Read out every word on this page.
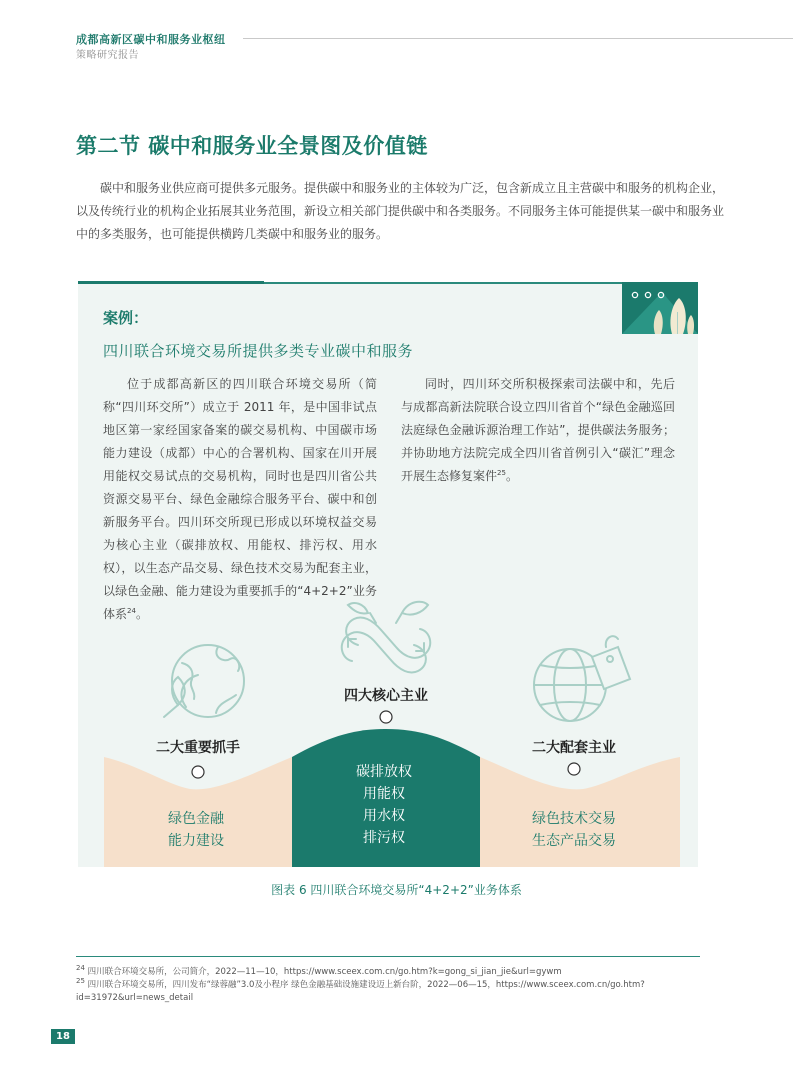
成都高新区碳中和服务业枢纽
策略研究报告
第二节 碳中和服务业全景图及价值链
碳中和服务业供应商可提供多元服务。提供碳中和服务业的主体较为广泛，包含新成立且主营碳中和服务的机构企业，以及传统行业的机构企业拓展其业务范围，新设立相关部门提供碳中和各类服务。不同服务主体可能提供某一碳中和服务业中的多类服务，也可能提供横跨几类碳中和服务业的服务。
案例：
四川联合环境交易所提供多类专业碳中和服务

位于成都高新区的四川联合环境交易所（简称“四川环交所”）成立于 2011 年，是中国非试点地区第一家经国家备案的碳交易机构、中国碳市场能力建设（成都）中心的合署机构、国家在川开展用能权交易试点的交易机构，同时也是四川省公共资源交易平台、绿色金融综合服务平台、碳中和创新服务平台。四川环交所现已形成以环境权益交易为核心主业（碳排放权、用能权、排污权、用水权），以生态产品交易、绿色技术交易为配套主业，以绿色金融、能力建设为重要抓手的“4+2+2”业务体系$^{24}$。

同时，四川环交所积极探索司法碳中和，先后与成都高新法院联合设立四川省首个“绿色金融巡回法庭绿色金融诉源治理工作站”，提供碳法务服务；并协助地方法院完成全四川省首例引入“碳汇”理念开展生态修复案件$^{25}$。

四大核心主业
二大重要抓手	二大配套主业
碳排放权
用能权
用水权
排污权
绿色金融
能力建设
绿色技术交易
生态产品交易
图表 6 四川联合环境交易所“4+2+2”业务体系
$^{24}$ 四川联合环境交易所，公司简介，2022—11—10，https://www.sceex.com.cn/go.htm?k=gong_si_jian_jie&url=gywm
$^{25}$ 四川联合环境交易所，四川发布“绿蓉融”3.0及小程序 绿色金融基础设施建设迈上新台阶，2022—06—15，https://www.sceex.com.cn/go.htm?id=31972&url=news_detail
18
